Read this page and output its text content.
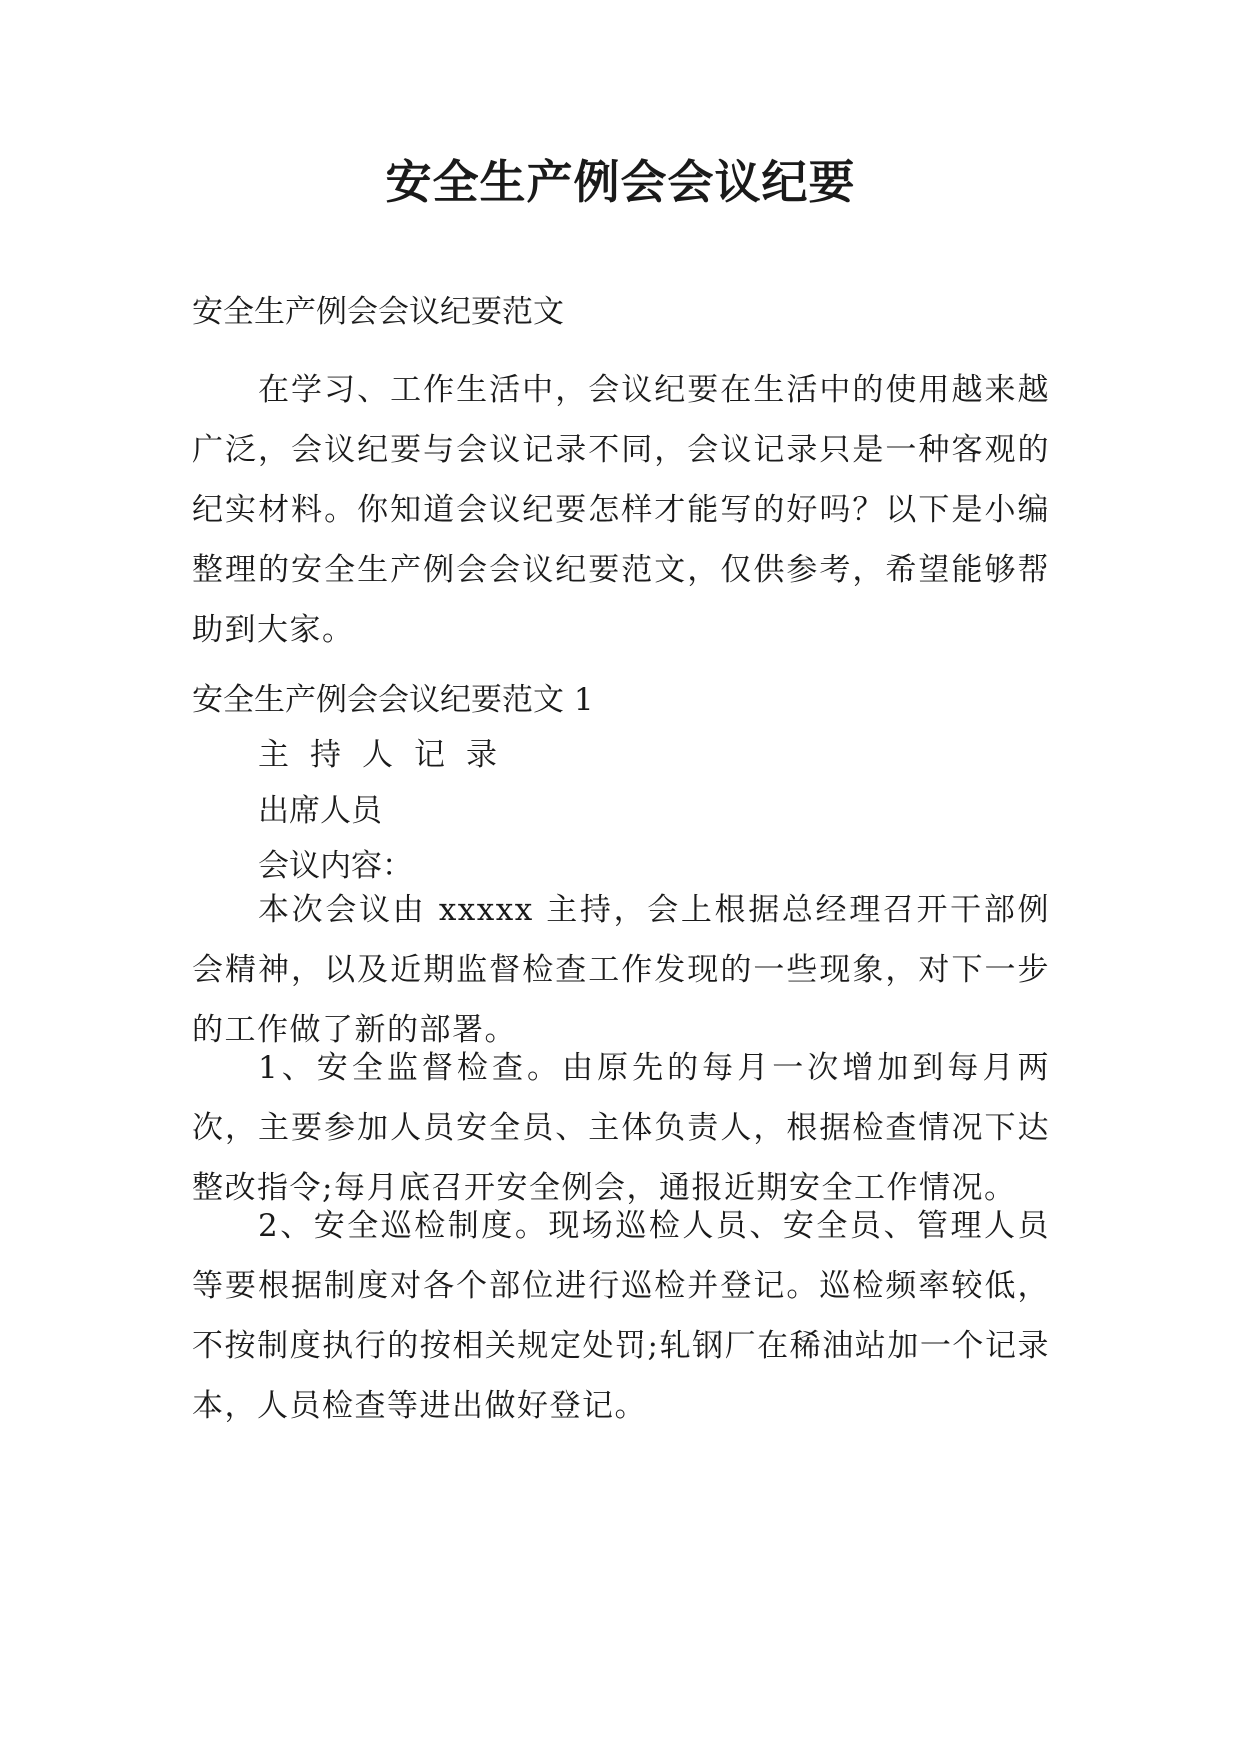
安全生产例会会议纪要

安全生产例会会议纪要范文

在学习、工作生活中，会议纪要在生活中的使用越来越广泛，会议纪要与会议记录不同，会议记录只是一种客观的纪实材料。你知道会议纪要怎样才能写的好吗？以下是小编整理的安全生产例会会议纪要范文，仅供参考，希望能够帮助到大家。

安全生产例会会议纪要范文 1

主持人记录

出席人员

会议内容：

本次会议由 xxxxx 主持，会上根据总经理召开干部例会精神，以及近期监督检查工作发现的一些现象，对下一步的工作做了新的部署。

1、安全监督检查。由原先的每月一次增加到每月两次，主要参加人员安全员、主体负责人，根据检查情况下达整改指令;每月底召开安全例会，通报近期安全工作情况。

2、安全巡检制度。现场巡检人员、安全员、管理人员等要根据制度对各个部位进行巡检并登记。巡检频率较低，不按制度执行的按相关规定处罚;轧钢厂在稀油站加一个记录本，人员检查等进出做好登记。
